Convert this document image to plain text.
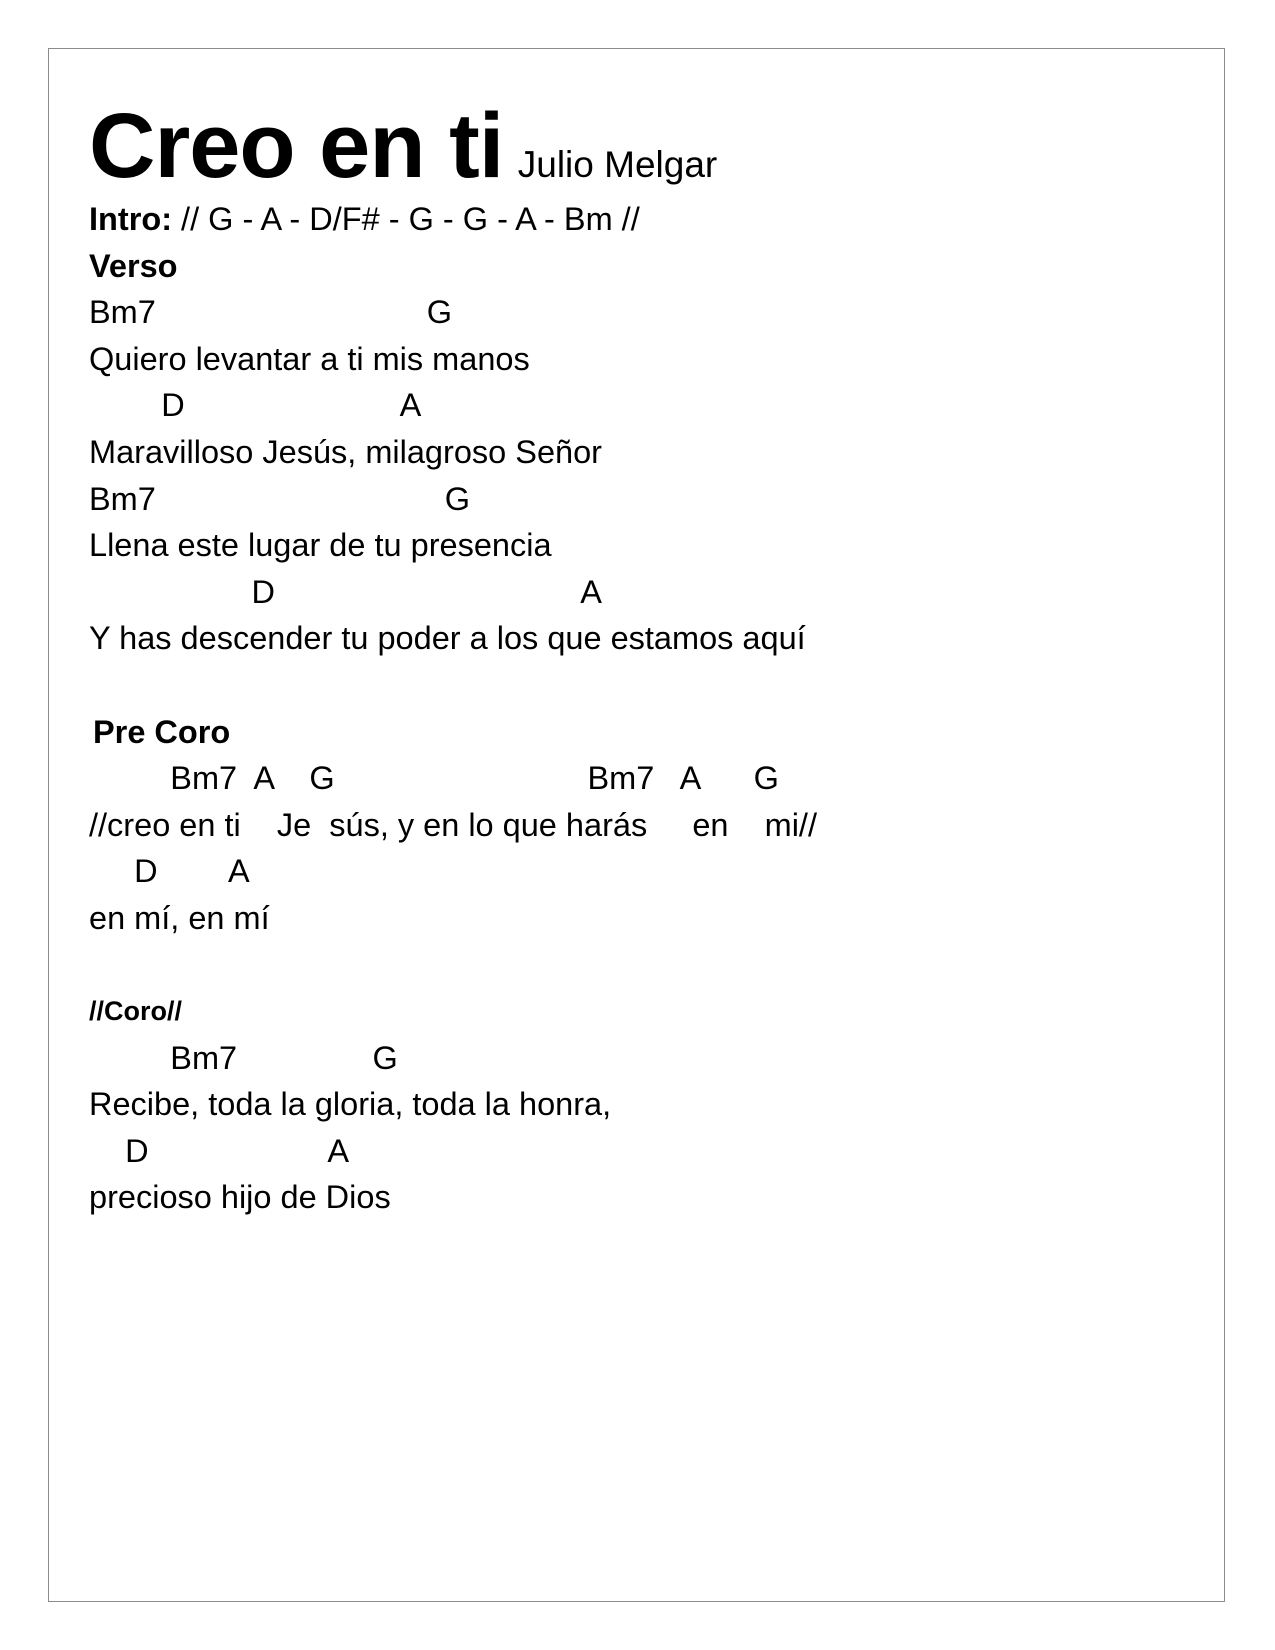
Creo en ti Julio Melgar
Intro: // G - A - D/F# - G - G - A - Bm //
Verso
Bm7                              G
Quiero levantar a ti mis manos
D                        A
Maravilloso Jesús, milagroso Señor
Bm7                                G
Llena este lugar de tu presencia
D                                  A
Y has descender tu poder a los que estamos aquí
Pre Coro
Bm7  A    G                            Bm7   A      G
//creo en ti    Je  sús, y en lo que harás     en    mi//
D        A
en mí, en mí
//Coro//
Bm7               G
Recibe, toda la gloria, toda la honra,
D                    A
precioso hijo de Dios
